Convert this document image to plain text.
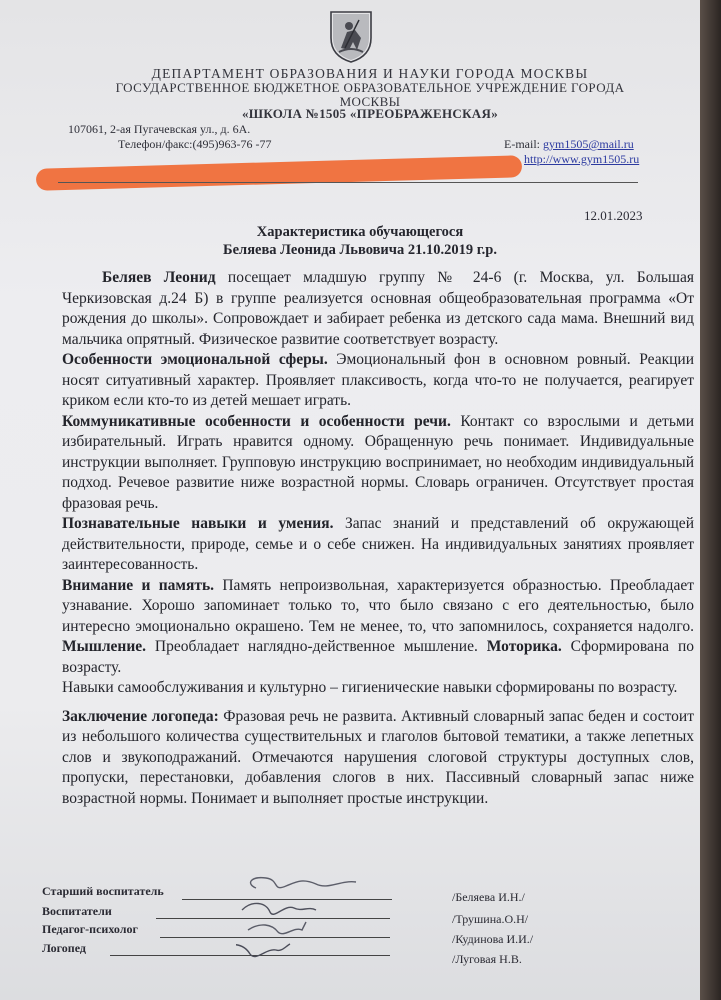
ДЕПАРТАМЕНТ ОБРАЗОВАНИЯ И НАУКИ ГОРОДА МОСКВЫ
ГОСУДАРСТВЕННОЕ БЮДЖЕТНОЕ ОБРАЗОВАТЕЛЬНОЕ УЧРЕЖДЕНИЕ ГОРОДА
МОСКВЫ
«ШКОЛА №1505 «ПРЕОБРАЖЕНСКАЯ»
107061, 2-ая Пугачевская ул., д. 6А.
Телефон/факс:(495)963-76 -77	E-mail: gym1505@mail.ru
http://www.gym1505.ru
12.01.2023
Характеристика обучающегося
Беляева Леонида Львовича 21.10.2019 г.р.

Беляев Леонид посещает младшую группу № 24-6 (г. Москва, ул. Большая Черкизовская д.24 Б) в группе реализуется основная общеобразовательная программа «От рождения до школы». Сопровождает и забирает ребенка из детского сада мама. Внешний вид мальчика опрятный. Физическое развитие соответствует возрасту.

Особенности эмоциональной сферы. Эмоциональный фон в основном ровный. Реакции носят ситуативный характер. Проявляет плаксивость, когда что-то не получается, реагирует криком если кто-то из детей мешает играть.

Коммуникативные особенности и особенности речи. Контакт со взрослыми и детьми избирательный. Играть нравится одному. Обращенную речь понимает. Индивидуальные инструкции выполняет. Групповую инструкцию воспринимает, но необходим индивидуальный подход. Речевое развитие ниже возрастной нормы. Словарь ограничен. Отсутствует простая фразовая речь.

Познавательные навыки и умения. Запас знаний и представлений об окружающей действительности, природе, семье и о себе снижен. На индивидуальных занятиях проявляет заинтересованность.

Внимание и память. Память непроизвольная, характеризуется образностью. Преобладает узнавание. Хорошо запоминает только то, что было связано с его деятельностью, было интересно эмоционально окрашено. Тем не менее, то, что запомнилось, сохраняется надолго. Мышление. Преобладает наглядно-действенное мышление. Моторика. Сформирована по возрасту.

Навыки самообслуживания и культурно – гигиенические навыки сформированы по возрасту.

Заключение логопеда: Фразовая речь не развита. Активный словарный запас беден и состоит из небольшого количества существительных и глаголов бытовой тематики, а также лепетных слов и звукоподражаний. Отмечаются нарушения слоговой структуры доступных слов, пропуски, перестановки, добавления слогов в них. Пассивный словарный запас ниже возрастной нормы. Понимает и выполняет простые инструкции.

Старший воспитатель
Воспитатели
Педагог-психолог
Логопед
/Беляева И.Н./
/Трушина.О.Н/
/Кудинова И.И./
/Луговая Н.В.
